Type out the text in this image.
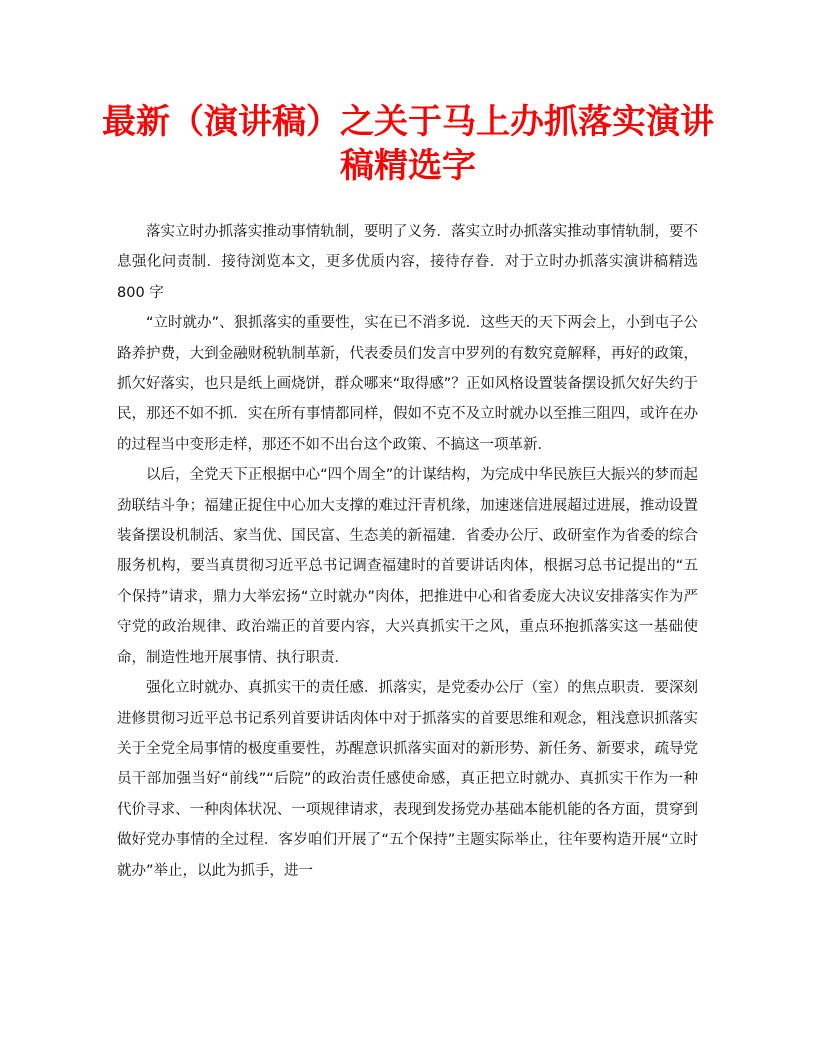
最新（演讲稿）之关于马上办抓落实演讲稿精选字

落实立时办抓落实推动事情轨制，要明了义务．落实立时办抓落实推动事情轨制，要不息强化问责制．接待浏览本文，更多优质内容，接待存眷．对于立时办抓落实演讲稿精选 800 字

“立时就办”、狠抓落实的重要性，实在已不消多说．这些天的天下两会上，小到屯子公路养护费，大到金融财税轨制革新，代表委员们发言中罗列的有数究竟解释，再好的政策，抓欠好落实，也只是纸上画烧饼，群众哪来“取得感”？正如风格设置装备摆设抓欠好失约于民，那还不如不抓．实在所有事情都同样，假如不克不及立时就办以至推三阻四，或许在办的过程当中变形走样，那还不如不出台这个政策、不搞这一项革新．

以后，全党天下正根据中心“四个周全”的计谋结构，为完成中华民族巨大振兴的梦而起劲联结斗争；福建正捉住中心加大支撑的难过汗青机缘，加速迷信进展超过进展，推动设置装备摆设机制活、家当优、国民富、生态美的新福建．省委办公厅、政研室作为省委的综合服务机构，要当真贯彻习近平总书记调查福建时的首要讲话肉体，根据习总书记提出的“五个保持”请求，鼎力大举宏扬“立时就办”肉体，把推进中心和省委庞大决议安排落实作为严守党的政治规律、政治端正的首要内容，大兴真抓实干之风，重点环抱抓落实这一基础使命，制造性地开展事情、执行职责．

强化立时就办、真抓实干的责任感．抓落实，是党委办公厅（室）的焦点职责．要深刻进修贯彻习近平总书记系列首要讲话肉体中对于抓落实的首要思维和观念，粗浅意识抓落实关于全党全局事情的极度重要性，苏醒意识抓落实面对的新形势、新任务、新要求，疏导党员干部加强当好“前线”“后院”的政治责任感使命感，真正把立时就办、真抓实干作为一种代价寻求、一种肉体状况、一项规律请求，表现到发扬党办基础本能机能的各方面，贯穿到做好党办事情的全过程．客岁咱们开展了“五个保持”主题实际举止，往年要构造开展“立时就办”举止，以此为抓手，进一
